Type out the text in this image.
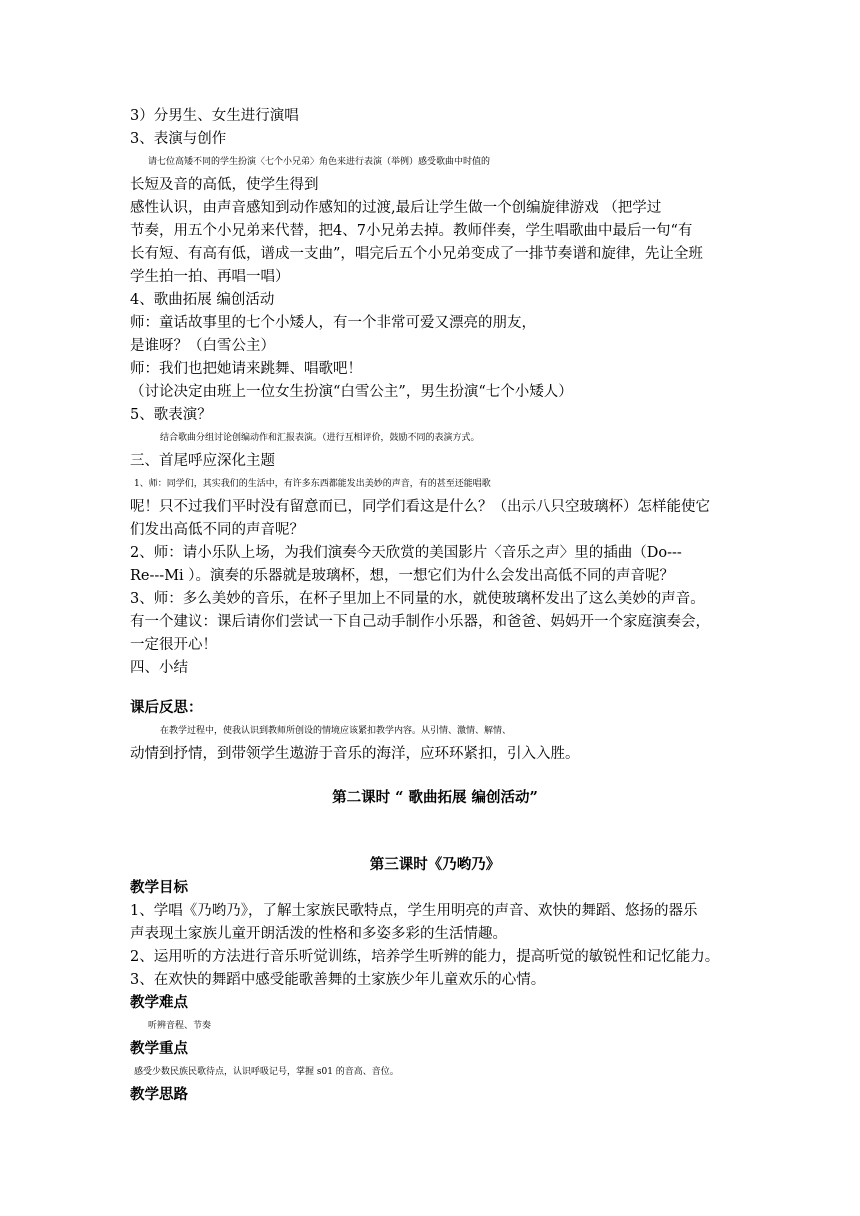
3）分男生、女生进行演唱
3、表演与创作
请七位高矮不同的学生扮演〈七个小兄弟〉角色来进行表演（举例）感受歌曲中时值的
长短及音的高低，使学生得到
感性认识，由声音感知到动作感知的过渡,最后让学生做一个创编旋律游戏 （把学过
节奏，用五个小兄弟来代替，把4、7小兄弟去掉。教师伴奏，学生唱歌曲中最后一句“有
长有短、有高有低，谱成一支曲”，唱完后五个小兄弟变成了一排节奏谱和旋律，先让全班
学生拍一拍、再唱一唱）
4、歌曲拓展 编创活动
师：童话故事里的七个小矮人，有一个非常可爱又漂亮的朋友，
是谁呀？（白雪公主）
师：我们也把她请来跳舞、唱歌吧！
（讨论决定由班上一位女生扮演“白雪公主”，男生扮演“七个小矮人）
5、歌表演？
结合歌曲分组讨论创编动作和汇报表演。（进行互相评价，鼓励不同的表演方式。
三、首尾呼应深化主题
1、师：同学们，其实我们的生活中，有许多东西都能发出美妙的声音，有的甚至还能唱歌
呢！只不过我们平时没有留意而已，同学们看这是什么？（出示八只空玻璃杯）怎样能使它
们发出高低不同的声音呢？
2、师：请小乐队上场，为我们演奏今天欣赏的美国影片〈音乐之声〉里的插曲（Do---
Re---Mi ）。演奏的乐器就是玻璃杯，想，一想它们为什么会发出高低不同的声音呢？
3、师：多么美妙的音乐，在杯子里加上不同量的水，就使玻璃杯发出了这么美妙的声音。
有一个建议：课后请你们尝试一下自己动手制作小乐器，和爸爸、妈妈开一个家庭演奏会，
一定很开心！
四、小结
课后反思：
在教学过程中，使我认识到教师所创设的情境应该紧扣教学内容。从引情、激情、解情、
动情到抒情，到带领学生遨游于音乐的海洋，应环环紧扣，引入入胜。
第二课时 “ 歌曲拓展 编创活动”
第三课时《乃哟乃》
教学目标
1、学唱《乃哟乃》，了解土家族民歌特点，学生用明亮的声音、欢快的舞蹈、悠扬的器乐
声表现土家族儿童开朗活泼的性格和多姿多彩的生活情趣。
2、运用听的方法进行音乐听觉训练，培养学生听辨的能力，提高听觉的敏锐性和记忆能力。
3、在欢快的舞蹈中感受能歌善舞的土家族少年儿童欢乐的心情。
教学难点
听辨音程、节奏
教学重点
感受少数民族民歌待点，认识呼吸记号，掌握 s01 的音高、音位。
教学思路
